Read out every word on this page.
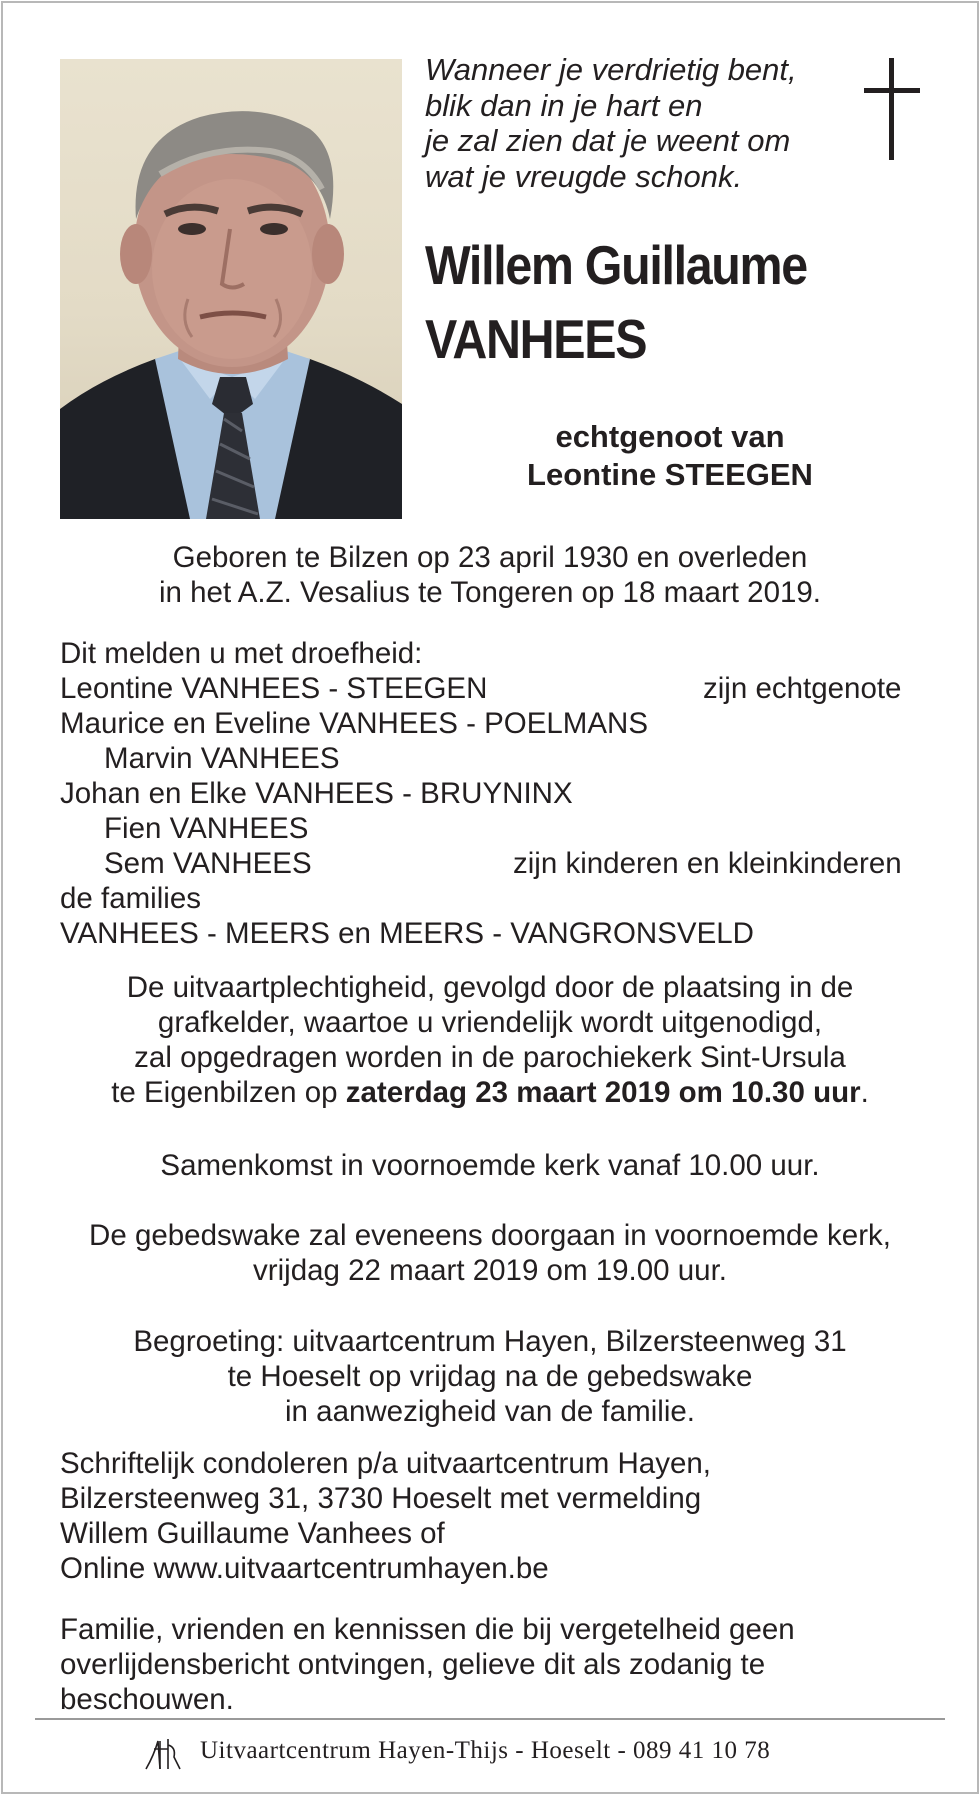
Wanneer je verdrietig bent,
blik dan in je hart en
je zal zien dat je weent om
wat je vreugde schonk.
Willem Guillaume
VANHEES
echtgenoot van
Leontine STEEGEN
Geboren te Bilzen op 23 april 1930 en overleden
in het A.Z. Vesalius te Tongeren op 18 maart 2019.
Dit melden u met droefheid:
Leontine VANHEES - STEEGEN	zijn echtgenote
Maurice en Eveline VANHEES - POELMANS
Marvin VANHEES
Johan en Elke VANHEES - BRUYNINX
Fien VANHEES
Sem VANHEES	zijn kinderen en kleinkinderen
de families
VANHEES - MEERS en MEERS - VANGRONSVELD
De uitvaartplechtigheid, gevolgd door de plaatsing in de
grafkelder, waartoe u vriendelijk wordt uitgenodigd,
zal opgedragen worden in de parochiekerk Sint-Ursula
te Eigenbilzen op zaterdag 23 maart 2019 om 10.30 uur.
Samenkomst in voornoemde kerk vanaf 10.00 uur.
De gebedswake zal eveneens doorgaan in voornoemde kerk,
vrijdag 22 maart 2019 om 19.00 uur.
Begroeting: uitvaartcentrum Hayen, Bilzersteenweg 31
te Hoeselt op vrijdag na de gebedswake
in aanwezigheid van de familie.
Schriftelijk condoleren p/a uitvaartcentrum Hayen,
Bilzersteenweg 31, 3730 Hoeselt met vermelding
Willem Guillaume Vanhees of
Online www.uitvaartcentrumhayen.be
Familie, vrienden en kennissen die bij vergetelheid geen
overlijdensbericht ontvingen, gelieve dit als zodanig te
beschouwen.
Uitvaartcentrum Hayen-Thijs - Hoeselt - 089 41 10 78
